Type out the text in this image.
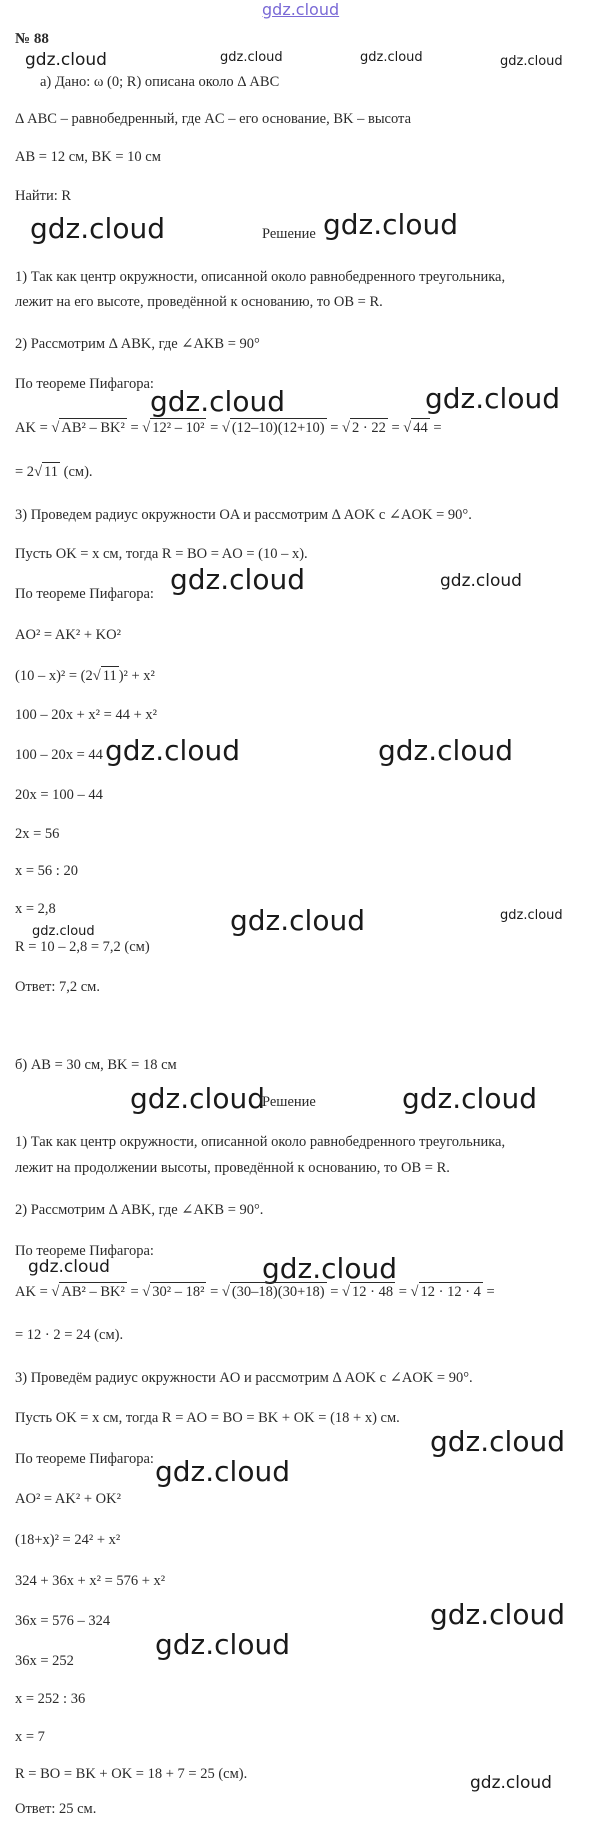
gdz.cloud
gdz.cloud	gdz.cloud	gdz.cloud	gdz.cloud
gdz.cloud	gdz.cloud
gdz.cloud	gdz.cloud
gdz.cloud	gdz.cloud
gdz.cloud	gdz.cloud
gdz.cloud
gdz.cloud
gdz.cloud
gdz.cloud	gdz.cloud
gdz.cloud	gdz.cloud
gdz.cloud
gdz.cloud
gdz.cloud
gdz.cloud
gdz.cloud
№ 88
а) Дано: ω (0; R) описана около Δ ABC
Δ ABC – равнобедренный, где AC – его основание, BK – высота
AB = 12 см, BK = 10 см
Найти: R
Решение
1) Так как центр окружности, описанной около равнобедренного треугольника,
лежит на его высоте, проведённой к основанию, то OB = R.
2) Рассмотрим Δ ABK, где ∠AKB = 90°
По теореме Пифагора:
AK = √ AB² – BK² = √ 12² – 10² = √ (12–10)(12+10) = √ 2 · 22 = √ 44 =
= 2√ 11 (см).
3) Проведем радиус окружности OA и рассмотрим Δ AOK с ∠AOK = 90°.
Пусть OK = x см, тогда R = BO = AO = (10 – x).
По теореме Пифагора:
AO² = AK² + KO²
(10 – x)² = (2√ 11 )² + x²
100 – 20x + x² = 44 + x²
100 – 20x = 44
20x = 100 – 44
2x = 56
x = 56 : 20
x = 2,8
R = 10 – 2,8 = 7,2 (см)
Ответ: 7,2 см.
б) AB = 30 см, BK = 18 см
Решение
1) Так как центр окружности, описанной около равнобедренного треугольника,
лежит на продолжении высоты, проведённой к основанию, то OB = R.
2) Рассмотрим Δ ABK, где ∠AKB = 90°.
По теореме Пифагора:
AK = √ AB² – BK² = √ 30² – 18² = √ (30–18)(30+18) = √ 12 · 48 = √ 12 · 12 · 4 =
= 12 · 2 = 24 (см).
3) Проведём радиус окружности AO и рассмотрим Δ AOK с ∠AOK = 90°.
Пусть OK = x см, тогда R = AO = BO = BK + OK = (18 + x) см.
По теореме Пифагора:
AO² = AK² + OK²
(18+x)² = 24² + x²
324 + 36x + x² = 576 + x²
36x = 576 – 324
36x = 252
x = 252 : 36
x = 7
R = BO = BK + OK = 18 + 7 = 25 (см).
Ответ: 25 см.
